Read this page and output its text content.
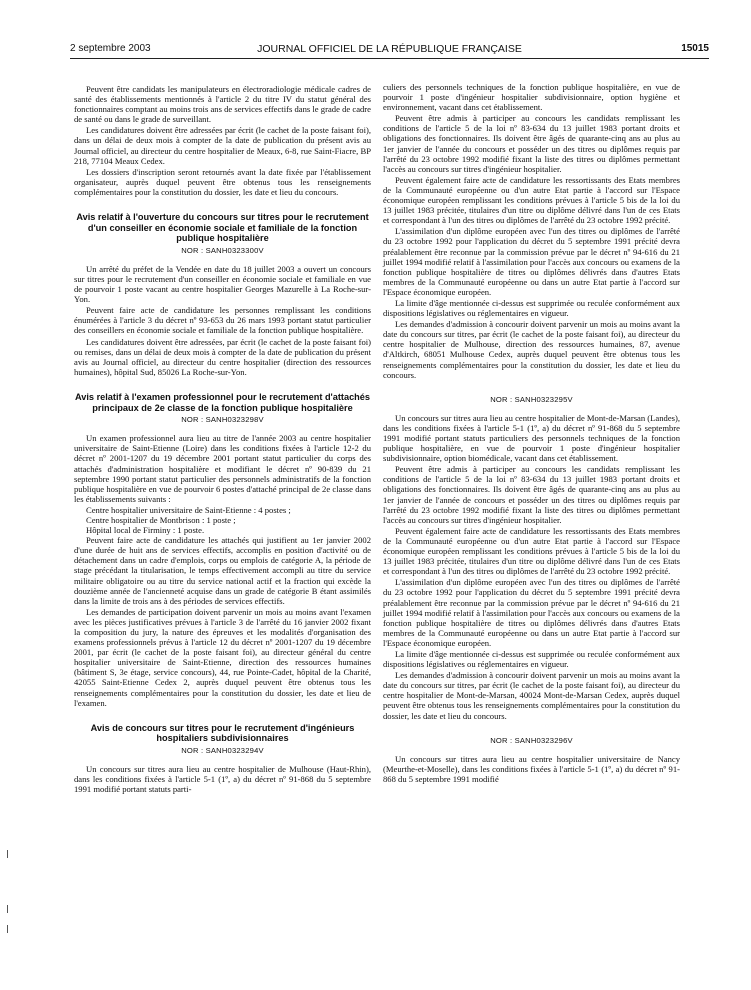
2 septembre 2003	JOURNAL OFFICIEL DE LA RÉPUBLIQUE FRANÇAISE	15015

Peuvent être candidats les manipulateurs en électroradiologie médicale cadres de santé des établissements mentionnés à l'article 2 du titre IV du statut général des fonctionnaires comptant au moins trois ans de services effectifs dans le grade de cadre de santé ou dans le grade de surveillant.

Les candidatures doivent être adressées par écrit (le cachet de la poste faisant foi), dans un délai de deux mois à compter de la date de publication du présent avis au Journal officiel, au directeur du centre hospitalier de Meaux, 6-8, rue Saint-Fiacre, BP 218, 77104 Meaux Cedex.

Les dossiers d'inscription seront retournés avant la date fixée par l'établissement organisateur, auprès duquel peuvent être obtenus tous les renseignements complémentaires pour la constitution du dossier, les date et lieu du concours.

Avis relatif à l'ouverture du concours sur titres pour le recrutement d'un conseiller en économie sociale et familiale de la fonction publique hospitalière
NOR : SANH0323300V

Un arrêté du préfet de la Vendée en date du 18 juillet 2003 a ouvert un concours sur titres pour le recrutement d'un conseiller en économie sociale et familiale en vue de pourvoir 1 poste vacant au centre hospitalier Georges Mazurelle à La Roche-sur-Yon.

Peuvent faire acte de candidature les personnes remplissant les conditions énumérées à l'article 3 du décret nº 93-653 du 26 mars 1993 portant statut particulier des conseillers en économie sociale et familiale de la fonction publique hospitalière.

Les candidatures doivent être adressées, par écrit (le cachet de la poste faisant foi) ou remises, dans un délai de deux mois à compter de la date de publication du présent avis au Journal officiel, au directeur du centre hospitalier (direction des ressources humaines), hôpital Sud, 85026 La Roche-sur-Yon.

Avis relatif à l'examen professionnel pour le recrutement d'attachés principaux de 2e classe de la fonction publique hospitalière
NOR : SANH0323298V

Un examen professionnel aura lieu au titre de l'année 2003 au centre hospitalier universitaire de Saint-Etienne (Loire) dans les conditions fixées à l'article 12-2 du décret nº 2001-1207 du 19 décembre 2001 portant statut particulier du corps des attachés d'administration hospitalière et modifiant le décret nº 90-839 du 21 septembre 1990 portant statut particulier des personnels administratifs de la fonction publique hospitalière en vue de pourvoir 6 postes d'attaché principal de 2e classe dans les établissements suivants :

Centre hospitalier universitaire de Saint-Etienne : 4 postes ;

Centre hospitalier de Montbrison : 1 poste ;

Hôpital local de Firminy : 1 poste.

Peuvent faire acte de candidature les attachés qui justifient au 1er janvier 2002 d'une durée de huit ans de services effectifs, accomplis en position d'activité ou de détachement dans un cadre d'emplois, corps ou emplois de catégorie A, la période de stage précédant la titularisation, le temps effectivement accompli au titre du service militaire obligatoire ou au titre du service national actif et la fraction qui excède la douzième année de l'ancienneté acquise dans un grade de catégorie B étant assimilés dans la limite de trois ans à des périodes de services effectifs.

Les demandes de participation doivent parvenir un mois au moins avant l'examen avec les pièces justificatives prévues à l'article 3 de l'arrêté du 16 janvier 2002 fixant la composition du jury, la nature des épreuves et les modalités d'organisation des examens professionnels prévus à l'article 12 du décret nº 2001-1207 du 19 décembre 2001, par écrit (le cachet de la poste faisant foi), au directeur général du centre hospitalier universitaire de Saint-Etienne, direction des ressources humaines (bâtiment S, 3e étage, service concours), 44, rue Pointe-Cadet, hôpital de la Charité, 42055 Saint-Etienne Cedex 2, auprès duquel peuvent être obtenus tous les renseignements complémentaires pour la constitution du dossier, les date et lieu de l'examen.

Avis de concours sur titres pour le recrutement d'ingénieurs hospitaliers subdivisionnaires
NOR : SANH0323294V

Un concours sur titres aura lieu au centre hospitalier de Mulhouse (Haut-Rhin), dans les conditions fixées à l'article 5-1 (1º, a) du décret nº 91-868 du 5 septembre 1991 modifié portant statuts parti-

culiers des personnels techniques de la fonction publique hospitalière, en vue de pourvoir 1 poste d'ingénieur hospitalier subdivisionnaire, option hygiène et environnement, vacant dans cet établissement.

Peuvent être admis à participer au concours les candidats remplissant les conditions de l'article 5 de la loi nº 83-634 du 13 juillet 1983 portant droits et obligations des fonctionnaires. Ils doivent être âgés de quarante-cinq ans au plus au 1er janvier de l'année du concours et posséder un des titres ou diplômes requis par l'arrêté du 23 octobre 1992 modifié fixant la liste des titres ou diplômes permettant l'accès au concours sur titres d'ingénieur hospitalier.

Peuvent également faire acte de candidature les ressortissants des Etats membres de la Communauté européenne ou d'un autre Etat partie à l'accord sur l'Espace économique européen remplissant les conditions prévues à l'article 5 bis de la loi du 13 juillet 1983 précitée, titulaires d'un titre ou diplôme délivré dans l'un de ces Etats et correspondant à l'un des titres ou diplômes de l'arrêté du 23 octobre 1992 précité.

L'assimilation d'un diplôme européen avec l'un des titres ou diplômes de l'arrêté du 23 octobre 1992 pour l'application du décret du 5 septembre 1991 précité devra préalablement être reconnue par la commission prévue par le décret nº 94-616 du 21 juillet 1994 modifié relatif à l'assimilation pour l'accès aux concours ou examens de la fonction publique hospitalière de titres ou diplômes délivrés dans d'autres Etats membres de la Communauté européenne ou dans un autre Etat partie à l'accord sur l'Espace économique européen.

La limite d'âge mentionnée ci-dessus est supprimée ou reculée conformément aux dispositions législatives ou réglementaires en vigueur.

Les demandes d'admission à concourir doivent parvenir un mois au moins avant la date du concours sur titres, par écrit (le cachet de la poste faisant foi), au directeur du centre hospitalier de Mulhouse, direction des ressources humaines, 87, avenue d'Altkirch, 68051 Mulhouse Cedex, auprès duquel peuvent être obtenus tous les renseignements complémentaires pour la constitution du dossier, les date et lieu du concours.

NOR : SANH0323295V

Un concours sur titres aura lieu au centre hospitalier de Mont-de-Marsan (Landes), dans les conditions fixées à l'article 5-1 (1º, a) du décret nº 91-868 du 5 septembre 1991 modifié portant statuts particuliers des personnels techniques de la fonction publique hospitalière, en vue de pourvoir 1 poste d'ingénieur hospitalier subdivisionnaire, option biomédicale, vacant dans cet établissement.

Peuvent être admis à participer au concours les candidats remplissant les conditions de l'article 5 de la loi nº 83-634 du 13 juillet 1983 portant droits et obligations des fonctionnaires. Ils doivent être âgés de quarante-cinq ans au plus au 1er janvier de l'année de concours et posséder un des titres ou diplômes requis par l'arrêté du 23 octobre 1992 modifié fixant la liste des titres ou diplômes permettant l'accès au concours sur titres d'ingénieur hospitalier.

Peuvent également faire acte de candidature les ressortissants des Etats membres de la Communauté européenne ou d'un autre Etat partie à l'accord sur l'Espace économique européen remplissant les conditions prévues à l'article 5 bis de la loi du 13 juillet 1983 précitée, titulaires d'un titre ou diplôme délivré dans l'un de ces Etats et correspondant à l'un des titres ou diplômes de l'arrêté du 23 octobre 1992 précité.

L'assimilation d'un diplôme européen avec l'un des titres ou diplômes de l'arrêté du 23 octobre 1992 pour l'application du décret du 5 septembre 1991 précité devra préalablement être reconnue par la commission prévue par le décret nº 94-616 du 21 juillet 1994 modifié relatif à l'assimilation pour l'accès aux concours ou examens de la fonction publique hospitalière de titres ou diplômes délivrés dans d'autres Etats membres de la Communauté européenne ou dans un autre Etat partie à l'accord sur l'Espace économique européen.

La limite d'âge mentionnée ci-dessus est supprimée ou reculée conformément aux dispositions législatives ou réglementaires en vigueur.

Les demandes d'admission à concourir doivent parvenir un mois au moins avant la date du concours sur titres, par écrit (le cachet de la poste faisant foi), au directeur du centre hospitalier de Mont-de-Marsan, 40024 Mont-de-Marsan Cedex, auprès duquel peuvent être obtenus tous les renseignements complémentaires pour la constitution du dossier, les date et lieu du concours.

NOR : SANH0323296V

Un concours sur titres aura lieu au centre hospitalier universitaire de Nancy (Meurthe-et-Moselle), dans les conditions fixées à l'article 5-1 (1º, a) du décret nº 91-868 du 5 septembre 1991 modifié
